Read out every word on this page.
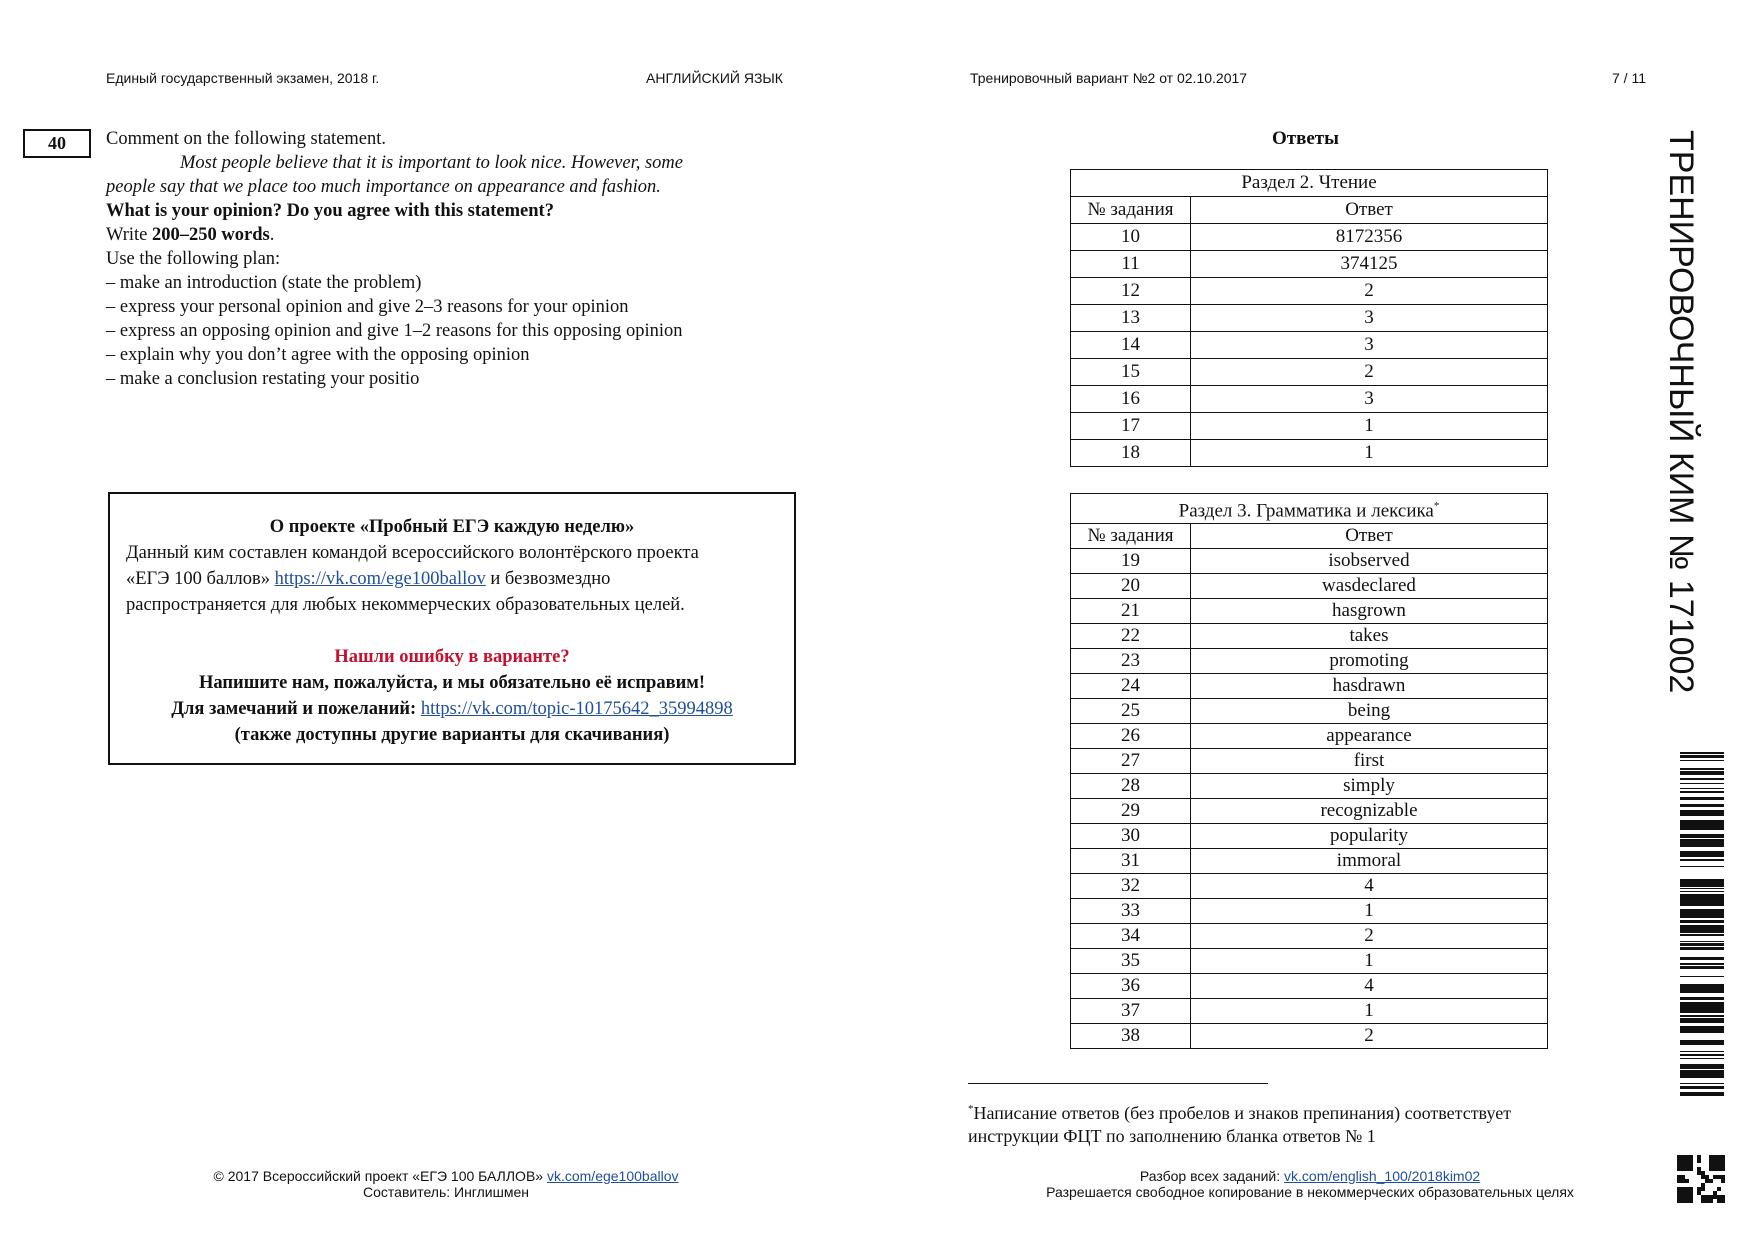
Единый государственный экзамен, 2018 г.	АНГЛИЙСКИЙ ЯЗЫК	Тренировочный вариант №2 от 02.10.2017	7 / 11
40	Comment on the following statement.

Most people believe that it is important to look nice. However, some

people say that we place too much importance on appearance and fashion.

What is your opinion? Do you agree with this statement?

Write 200–250 words.

Use the following plan:

– make an introduction (state the problem)

– express your personal opinion and give 2–3 reasons for your opinion

– express an opposing opinion and give 1–2 reasons for this opposing opinion

– explain why you don’t agree with the opposing opinion

– make a conclusion restating your positio

О проекте «Пробный ЕГЭ каждую неделю»

Данный ким составлен командой всероссийского волонтёрского проекта

«ЕГЭ 100 баллов» https://vk.com/ege100ballov и безвозмездно

распространяется для любых некоммерческих образовательных целей.

Нашли ошибку в варианте?

Напишите нам, пожалуйста, и мы обязательно её исправим!

Для замечаний и пожеланий: https://vk.com/topic-10175642_35994898

(также доступны другие варианты для скачивания)

Ответы
Раздел 2. Чтение	
№ задания	Ответ
10	8172356
11	374125
12	2
13	3
14	3
15	2
16	3
17	1
18	1
Раздел 3. Грамматика и лексика*
№ задания	Ответ
19	isobserved
20	wasdeclared
21	hasgrown
22	takes
23	promoting
24	hasdrawn
25	being
26	appearance
27	first
28	simply
29	recognizable
30	popularity
31	immoral
32	4
33	1
34	2
35	1
36	4
37	1
38	2

*Написание ответов (без пробелов и знаков препинания) соответствует

инструкции ФЦТ по заполнению бланка ответов № 1

© 2017 Всероссийский проект «ЕГЭ 100 БАЛЛОВ» vk.com/ege100ballov
Составитель: Инглишмен
Разбор всех заданий: vk.com/english_100/2018kim02
Разрешается свободное копирование в некоммерческих образовательных целях
ТРЕНИРОВОЧНЫЙ КИМ № 171002
